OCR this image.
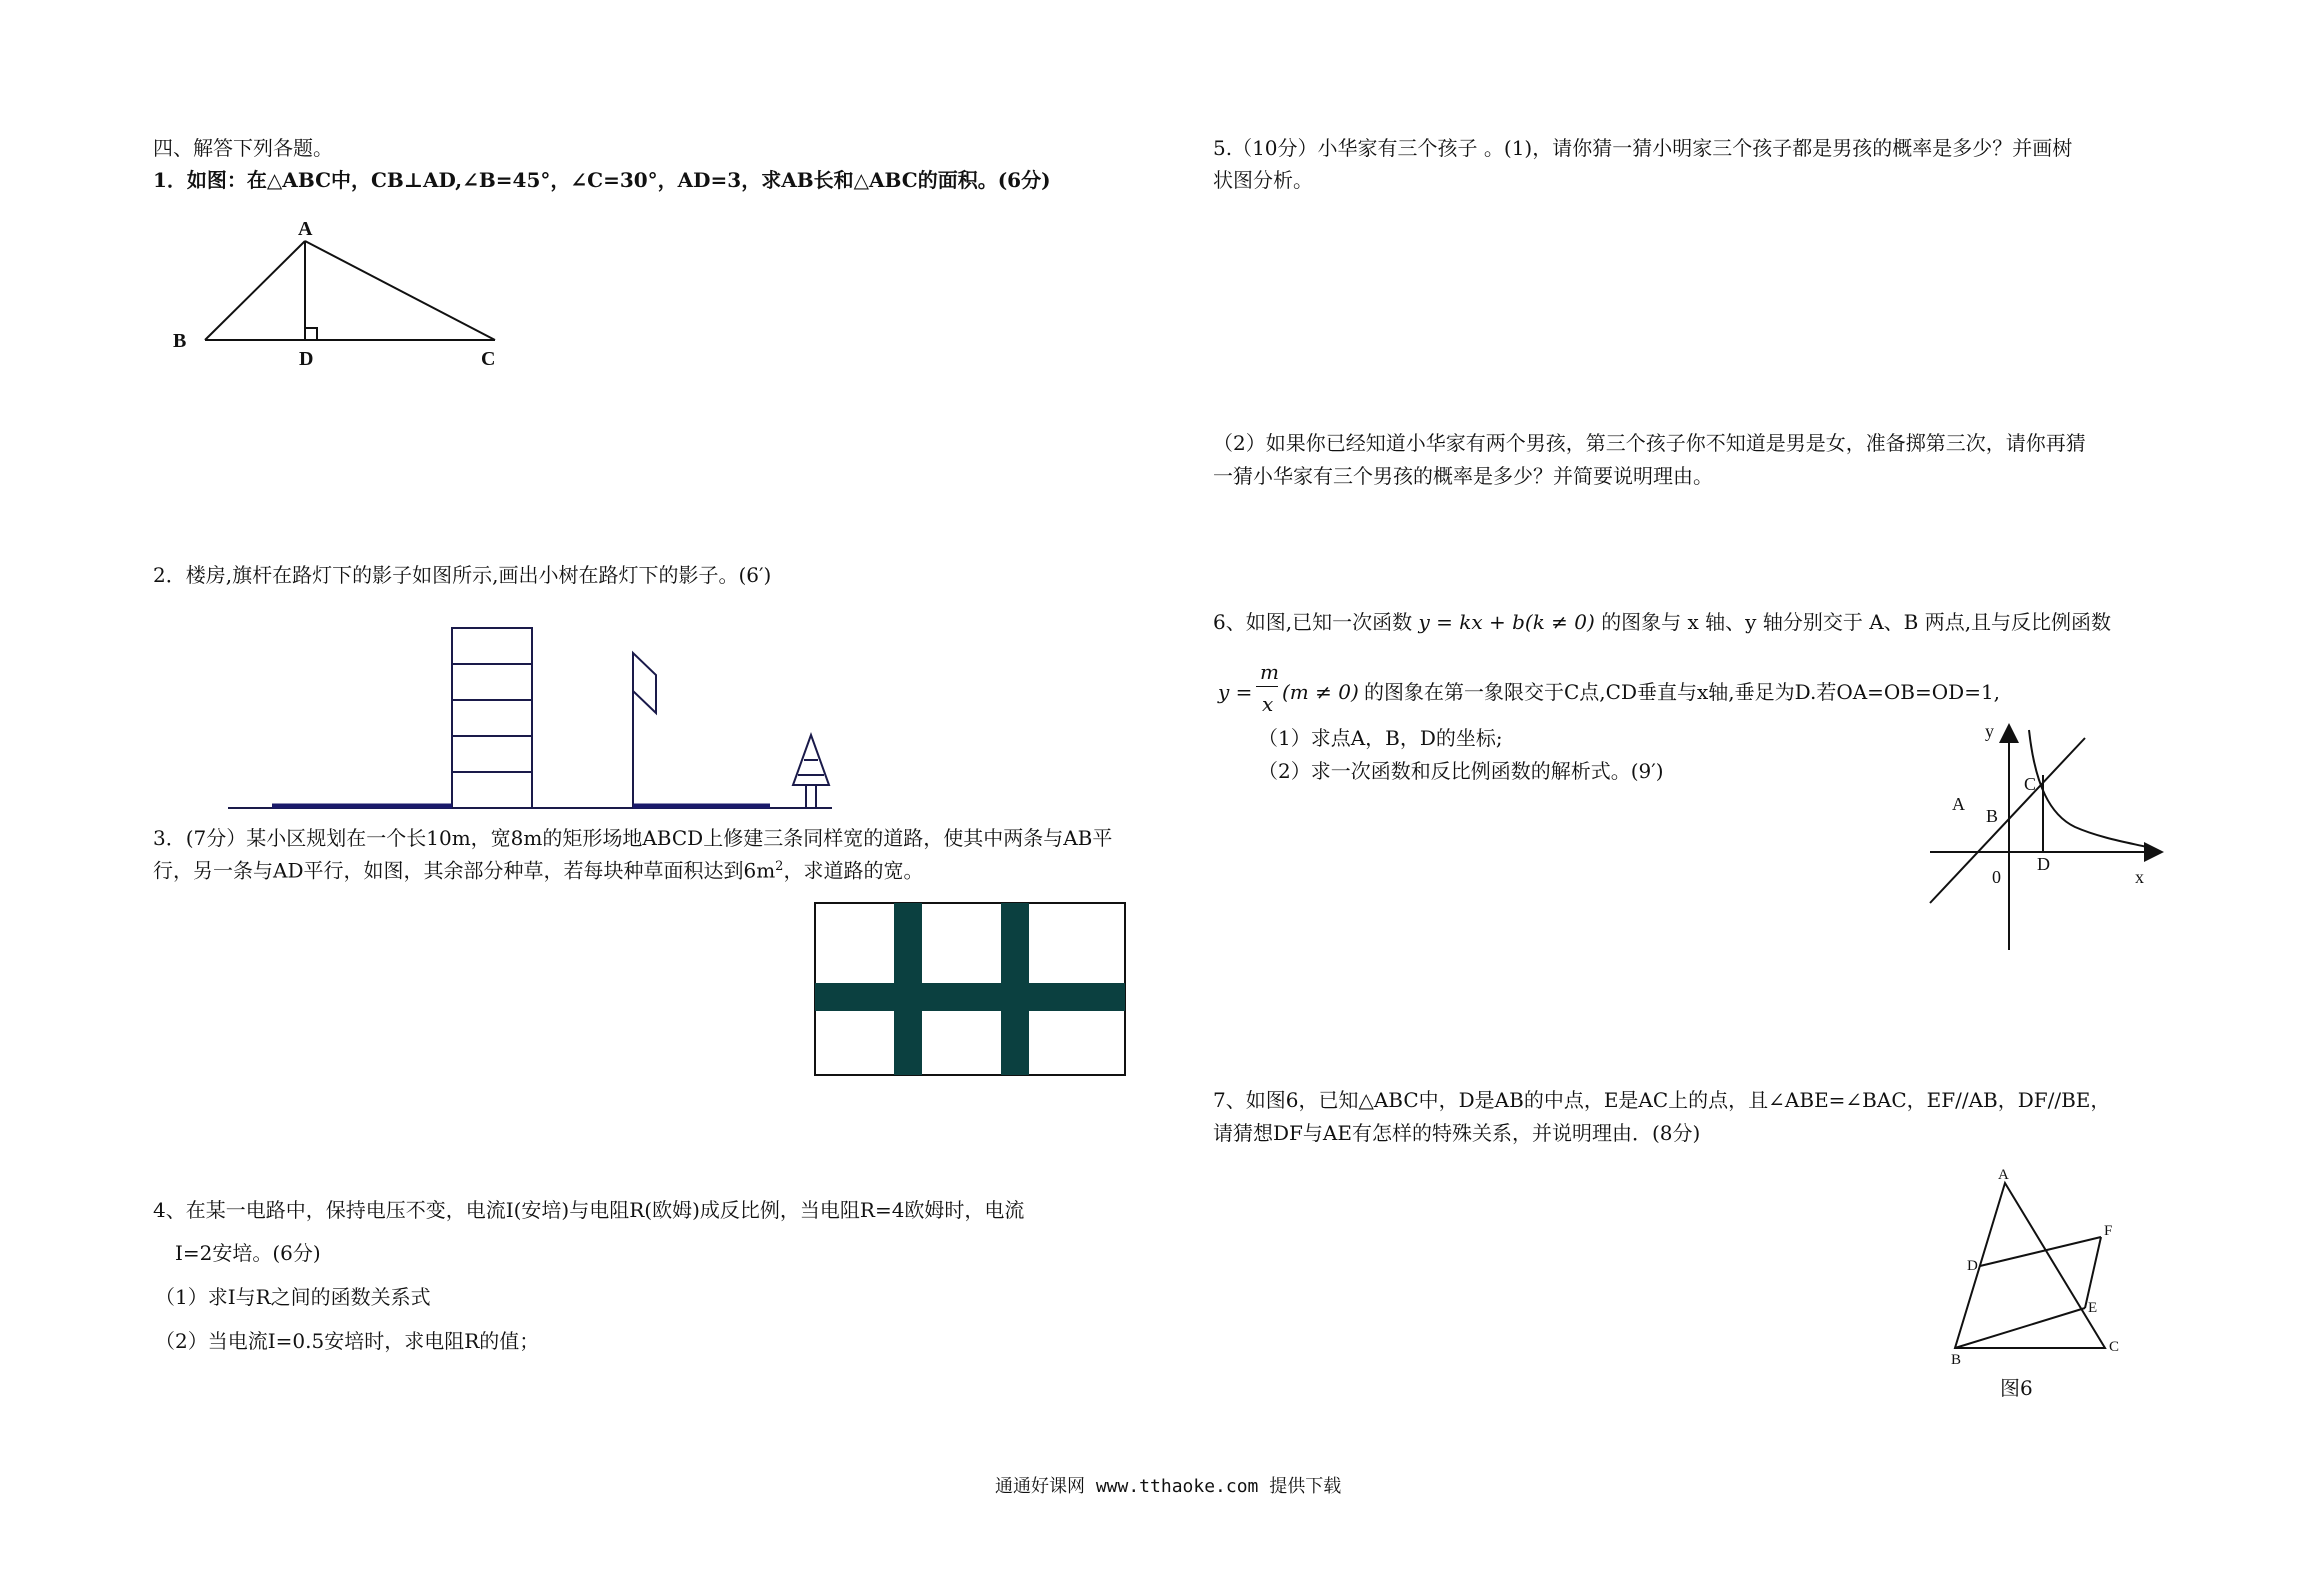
四、解答下列各题。
1．如图：在△ABC中，CB⊥AD,∠B=45°，∠C=30°，AD=3，求AB长和△ABC的面积。(6分)
A
B
C
D
2．楼房,旗杆在路灯下的影子如图所示,画出小树在路灯下的影子。(6′)
3．(7分）某小区规划在一个长10m，宽8m的矩形场地ABCD上修建三条同样宽的道路，使其中两条与AB平
行，另一条与AD平行，如图，其余部分种草，若每块种草面积达到$6m^2$，求道路的宽。
4、在某一电路中，保持电压不变，电流I(安培)与电阻R(欧姆)成反比例，当电阻R=4欧姆时，电流
I=2安培。(6分)
（1）求I与R之间的函数关系式
（2）当电流I=0.5安培时，求电阻R的值；
5.（10分）小华家有三个孩子 。(1)，请你猜一猜小明家三个孩子都是男孩的概率是多少？并画树
状图分析。
（2）如果你已经知道小华家有两个男孩，第三个孩子你不知道是男是女，准备掷第三次，请你再猜
一猜小华家有三个男孩的概率是多少？并简要说明理由。
6、如图,已知一次函数 y = kx + b(k ≠ 0) 的图象与 x 轴、y 轴分别交于 A、B 两点,且与反比例函数
y =
m
x (m ≠ 0) 的图象在第一象限交于C点,CD垂直与x轴,垂足为D.若OA=OB=OD=1,
（1）求点A，B，D的坐标;
（2）求一次函数和反比例函数的解析式。(9′)
y
x
A
B
C
D
0
7、如图6，已知△ABC中，D是AB的中点，E是AC上的点，且∠ABE=∠BAC，EF//AB，DF//BE，
请猜想DF与AE有怎样的特殊关系，并说明理由．(8分)
A
B
C
D
E
F
图6
通通好课网 www.tthaoke.com 提供下载
